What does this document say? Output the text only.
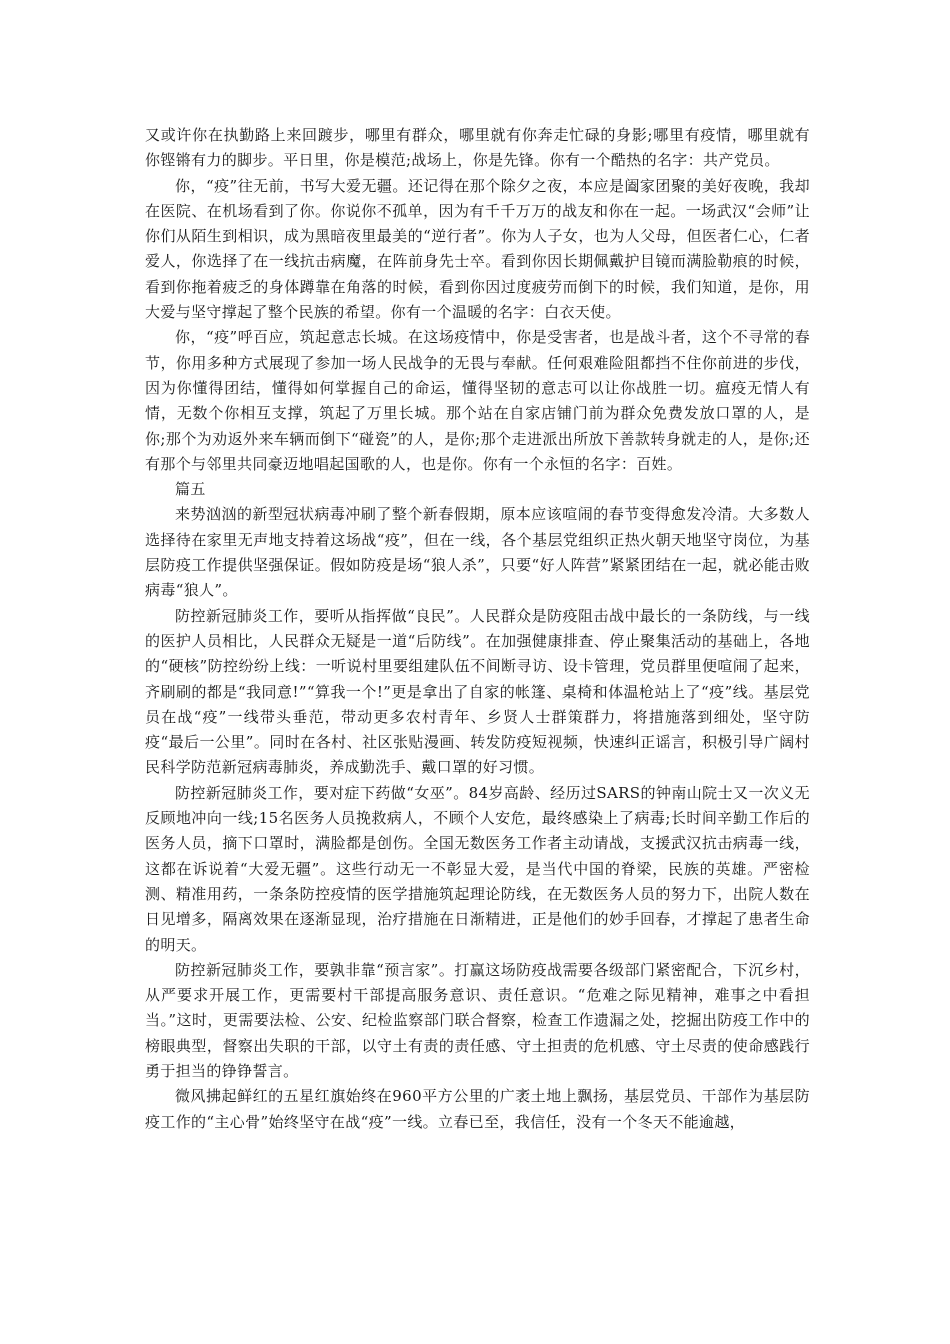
又或许你在执勤路上来回踱步，哪里有群众，哪里就有你奔走忙碌的身影;哪里有疫情，哪里就有你铿锵有力的脚步。平日里，你是模范;战场上，你是先锋。你有一个酷热的名字：共产党员。

你，“疫”往无前，书写大爱无疆。还记得在那个除夕之夜，本应是阖家团聚的美好夜晚，我却在医院、在机场看到了你。你说你不孤单，因为有千千万万的战友和你在一起。一场武汉“会师”让你们从陌生到相识，成为黑暗夜里最美的“逆行者”。你为人子女，也为人父母，但医者仁心，仁者爱人，你选择了在一线抗击病魔，在阵前身先士卒。看到你因长期佩戴护目镜而满脸勒痕的时候，看到你拖着疲乏的身体蹲靠在角落的时候，看到你因过度疲劳而倒下的时候，我们知道，是你，用大爱与坚守撑起了整个民族的希望。你有一个温暖的名字：白衣天使。

你，“疫”呼百应，筑起意志长城。在这场疫情中，你是受害者，也是战斗者，这个不寻常的春节，你用多种方式展现了参加一场人民战争的无畏与奉献。任何艰难险阻都挡不住你前进的步伐，因为你懂得团结，懂得如何掌握自己的命运，懂得坚韧的意志可以让你战胜一切。瘟疫无情人有情，无数个你相互支撑，筑起了万里长城。那个站在自家店铺门前为群众免费发放口罩的人，是你;那个为劝返外来车辆而倒下“碰瓷”的人，是你;那个走进派出所放下善款转身就走的人，是你;还有那个与邻里共同豪迈地唱起国歌的人，也是你。你有一个永恒的名字：百姓。

篇五

来势汹汹的新型冠状病毒冲刷了整个新春假期，原本应该喧闹的春节变得愈发冷清。大多数人选择待在家里无声地支持着这场战“疫”，但在一线，各个基层党组织正热火朝天地坚守岗位，为基层防疫工作提供坚强保证。假如防疫是场“狼人杀”，只要“好人阵营”紧紧团结在一起，就必能击败病毒“狼人”。

防控新冠肺炎工作，要听从指挥做“良民”。人民群众是防疫阻击战中最长的一条防线，与一线的医护人员相比，人民群众无疑是一道“后防线”。在加强健康排查、停止聚集活动的基础上，各地的“硬核”防控纷纷上线：一听说村里要组建队伍不间断寻访、设卡管理，党员群里便喧闹了起来，齐刷刷的都是“我同意!”“算我一个!”更是拿出了自家的帐篷、桌椅和体温枪站上了“疫”线。基层党员在战“疫”一线带头垂范，带动更多农村青年、乡贤人士群策群力，将措施落到细处，坚守防疫“最后一公里”。同时在各村、社区张贴漫画、转发防疫短视频，快速纠正谣言，积极引导广阔村民科学防范新冠病毒肺炎，养成勤洗手、戴口罩的好习惯。

防控新冠肺炎工作，要对症下药做“女巫”。84岁高龄、经历过SARS的钟南山院士又一次义无反顾地冲向一线;15名医务人员挽救病人，不顾个人安危，最终感染上了病毒;长时间辛勤工作后的医务人员，摘下口罩时，满脸都是创伤。全国无数医务工作者主动请战，支援武汉抗击病毒一线，这都在诉说着“大爱无疆”。这些行动无一不彰显大爱，是当代中国的脊梁，民族的英雄。严密检测、精准用药，一条条防控疫情的医学措施筑起理论防线，在无数医务人员的努力下，出院人数在日见增多，隔离效果在逐渐显现，治疗措施在日渐精进，正是他们的妙手回春，才撑起了患者生命的明天。

防控新冠肺炎工作，要孰非靠“预言家”。打赢这场防疫战需要各级部门紧密配合，下沉乡村，从严要求开展工作，更需要村干部提高服务意识、责任意识。“危难之际见精神，难事之中看担当。”这时，更需要法检、公安、纪检监察部门联合督察，检查工作遗漏之处，挖掘出防疫工作中的榜眼典型，督察出失职的干部，以守土有责的责任感、守土担责的危机感、守土尽责的使命感践行勇于担当的铮铮誓言。

微风拂起鲜红的五星红旗始终在960平方公里的广袤土地上飘扬，基层党员、干部作为基层防疫工作的“主心骨”始终坚守在战“疫”一线。立春已至，我信任，没有一个冬天不能逾越，
